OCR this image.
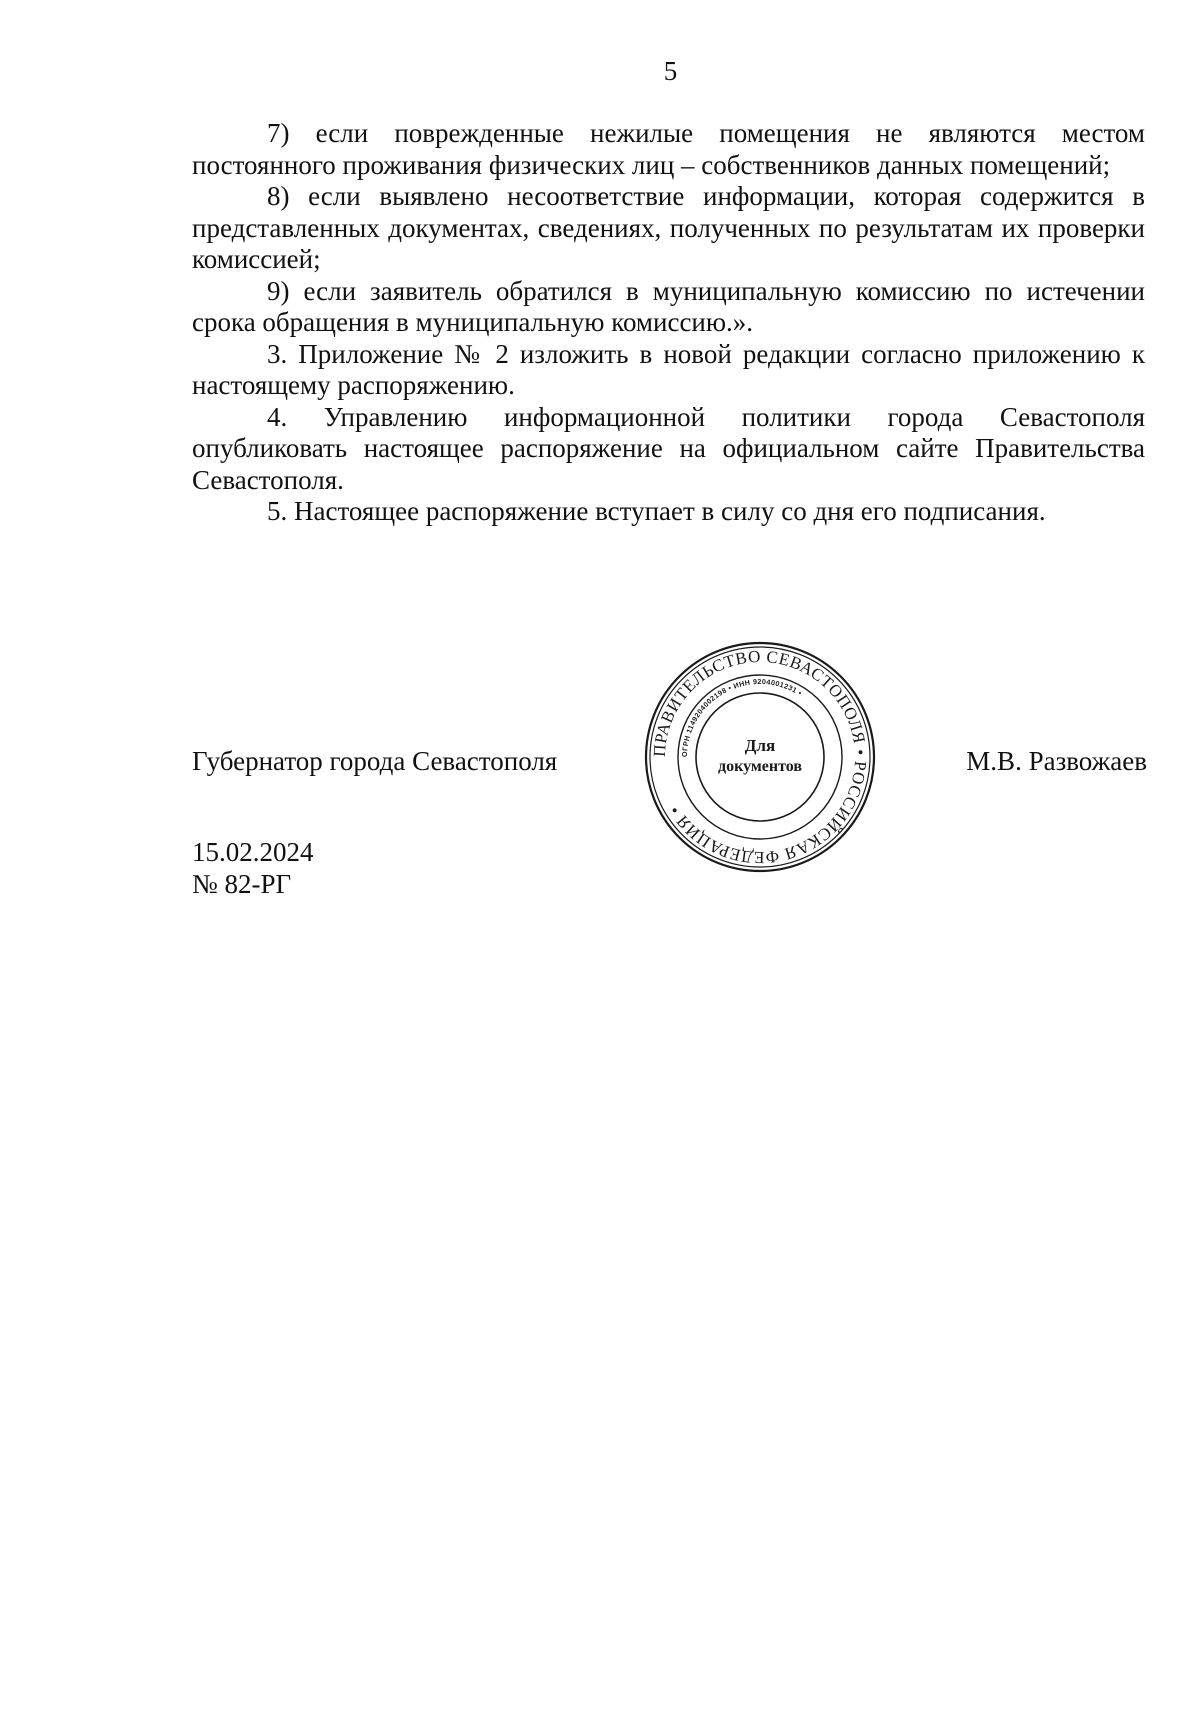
5

7) если поврежденные нежилые помещения не являются местом постоянного проживания физических лиц – собственников данных помещений;

8) если выявлено несоответствие информации, которая содержится в представленных документах, сведениях, полученных по результатам их проверки комиссией;

9) если заявитель обратился в муниципальную комиссию по истечении срока обращения в муниципальную комиссию.».

3. Приложение № 2 изложить в новой редакции согласно приложению к настоящему распоряжению.

4. Управлению информационной политики города Севастополя опубликовать настоящее распоряжение на официальном сайте Правительства Севастополя.

5. Настоящее распоряжение вступает в силу со дня его подписания.

Губернатор города Севастополя	ПРАВИТЕЛЬСТВО СЕВАСТОПОЛЯ • РОССИЙСКАЯ ФЕДЕРАЦИЯ •
ОГРН 1149204002198 • ИНН 9204001231 •
Для
документов	М.В. Развожаев
15.02.2024
№ 82-РГ
